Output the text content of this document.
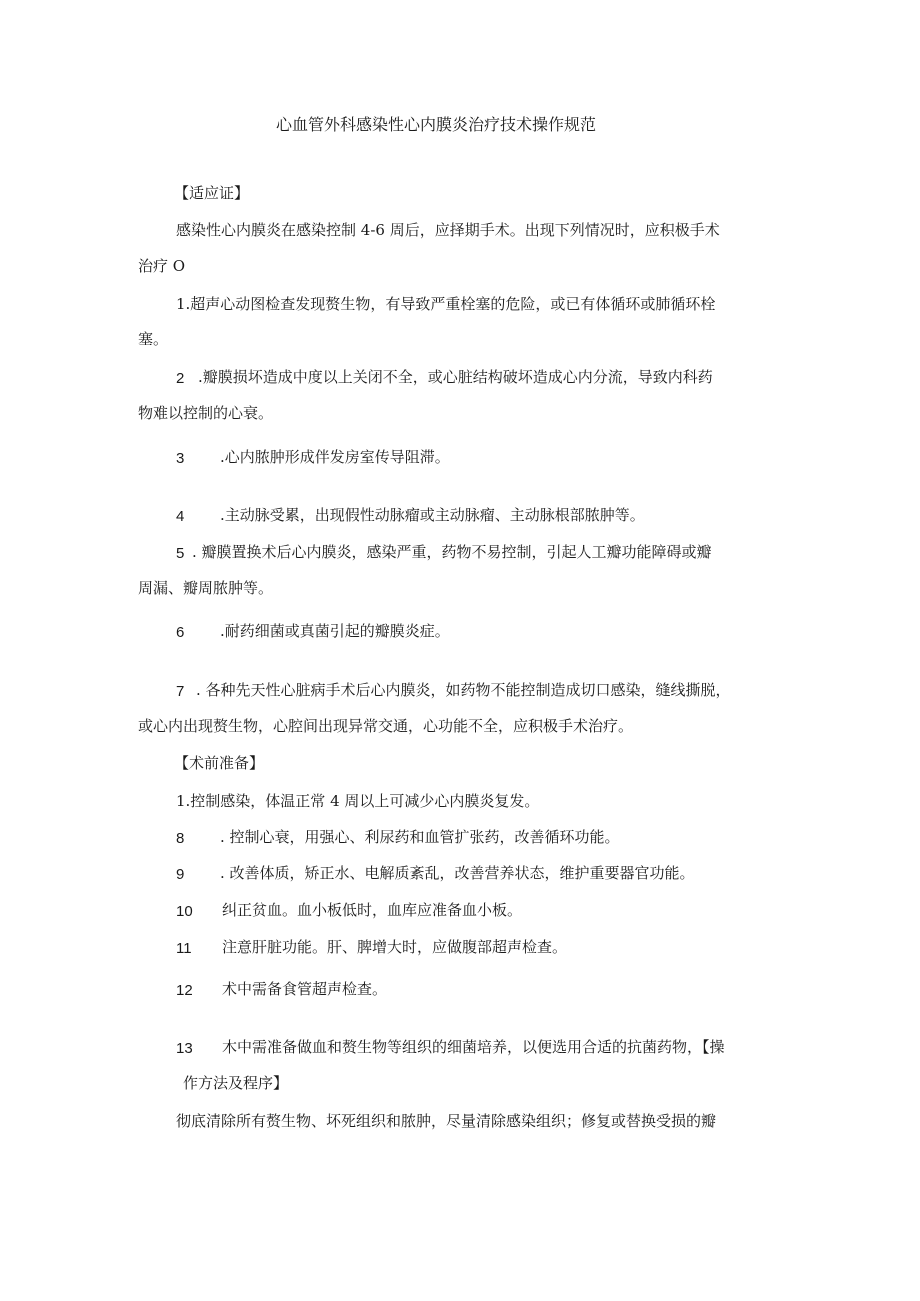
心血管外科感染性心内膜炎治疗技术操作规范
【适应证】
感染性心内膜炎在感染控制 4-6 周后，应择期手术。出现下列情况时，应积极手术
治疗 O
1.超声心动图检查发现赘生物，有导致严重栓塞的危险，或已有体循环或肺循环栓
塞。
2 .瓣膜损坏造成中度以上关闭不全，或心脏结构破坏造成心内分流，导致内科药
物难以控制的心衰。
3 .心内脓肿形成伴发房室传导阻滞。
4 .主动脉受累，出现假性动脉瘤或主动脉瘤、主动脉根部脓肿等。
5 . 瓣膜置换术后心内膜炎，感染严重，药物不易控制，引起人工瓣功能障碍或瓣
周漏、瓣周脓肿等。
6 .耐药细菌或真菌引起的瓣膜炎症。
7 . 各种先天性心脏病手术后心内膜炎，如药物不能控制造成切口感染，缝线撕脱，
或心内出现赘生物，心腔间出现异常交通，心功能不全，应积极手术治疗。
【术前准备】
1.控制感染，体温正常 4 周以上可减少心内膜炎复发。
8 . 控制心衰，用强心、利尿药和血管扩张药，改善循环功能。
9 . 改善体质，矫正水、电解质紊乱，改善营养状态，维护重要器官功能。
10 纠正贫血。血小板低时，血库应准备血小板。
11 注意肝脏功能。肝、脾增大时，应做腹部超声检查。
12 术中需备食管超声检查。
13 木中需准备做血和赘生物等组织的细菌培养，以便选用合适的抗菌药物，【操
作方法及程序】
彻底清除所有赘生物、坏死组织和脓肿，尽量清除感染组织；修复或替换受损的瓣
